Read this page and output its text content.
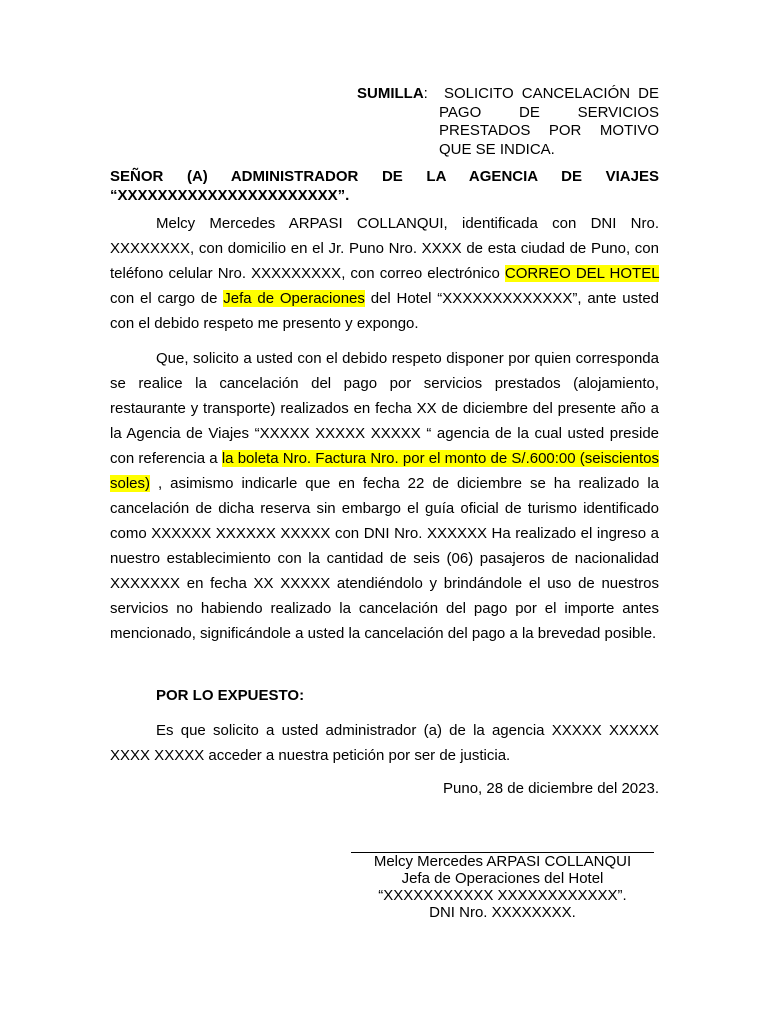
SUMILLA: SOLICITO CANCELACIÓN DE
PAGO DE SERVICIOS
PRESTADOS POR MOTIVO
QUE SE INDICA.
SEÑOR (A) ADMINISTRADOR DE LA AGENCIA DE VIAJES “XXXXXXXXXXXXXXXXXXXXXX”.
Melcy Mercedes ARPASI COLLANQUI, identificada con DNI Nro. XXXXXXXX, con domicilio en el Jr. Puno Nro. XXXX de esta ciudad de Puno, con teléfono celular Nro. XXXXXXXXX, con correo electrónico CORREO DEL HOTEL con el cargo de Jefa de Operaciones del Hotel “XXXXXXXXXXXXX”, ante usted con el debido respeto me presento y expongo.
Que, solicito a usted con el debido respeto disponer por quien corresponda se realice la cancelación del pago por servicios prestados (alojamiento, restaurante y transporte) realizados en fecha XX de diciembre del presente año a la Agencia de Viajes “XXXXX XXXXX XXXXX “ agencia de la cual usted preside con referencia a la boleta Nro. Factura Nro. por el monto de S/.600:00 (seiscientos soles) , asimismo indicarle que en fecha 22 de diciembre se ha realizado la cancelación de dicha reserva sin embargo el guía oficial de turismo identificado como XXXXXX XXXXXX XXXXX con DNI Nro. XXXXXX Ha realizado el ingreso a nuestro establecimiento con la cantidad de seis (06) pasajeros de nacionalidad XXXXXXX en fecha XX XXXXX atendiéndolo y brindándole el uso de nuestros servicios no habiendo realizado la cancelación del pago por el importe antes mencionado, significándole a usted la cancelación del pago a la brevedad posible.
POR LO EXPUESTO:
Es que solicito a usted administrador (a) de la agencia XXXXX XXXXX XXXX XXXXX acceder a nuestra petición por ser de justicia.
Puno, 28 de diciembre del 2023.
Melcy Mercedes ARPASI COLLANQUI
Jefa de Operaciones del Hotel
“XXXXXXXXXXX XXXXXXXXXXXX”.
DNI Nro. XXXXXXXX.
